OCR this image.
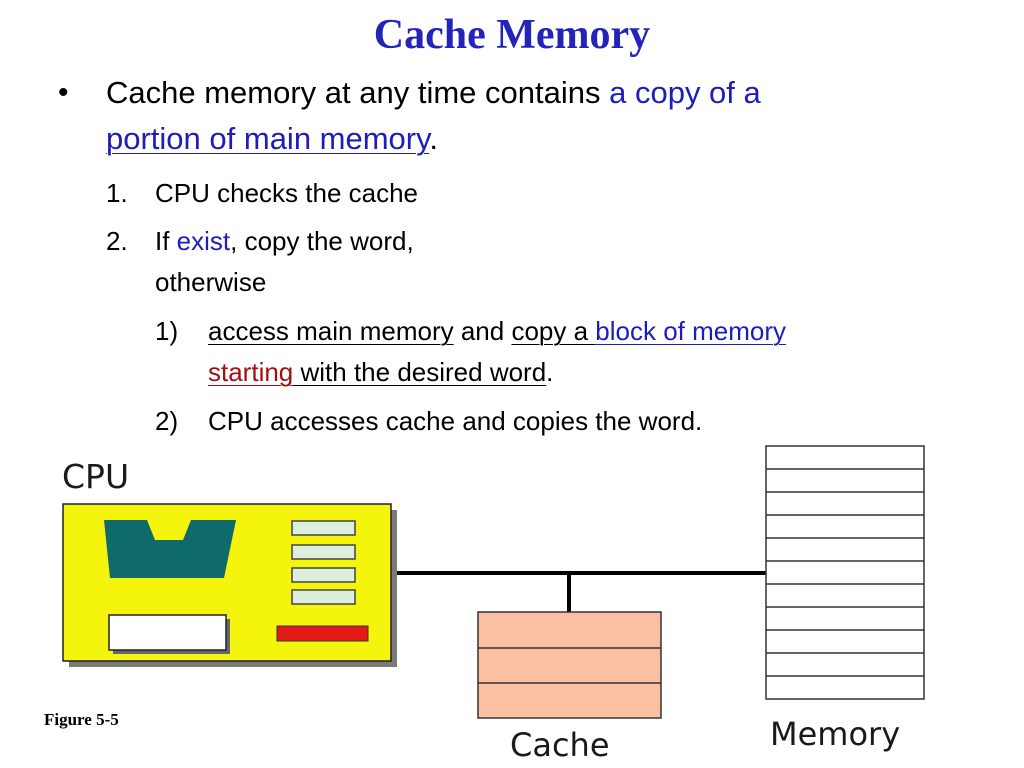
Cache Memory
• Cache memory at any time contains a copy of a
portion of main memory.
1. CPU checks the cache
2. If exist, copy the word,
otherwise
1) access main memory and copy a block of memory
starting with the desired word.
2) CPU accesses cache and copies the word.
CPU
Cache	Memory
Figure 5-5
